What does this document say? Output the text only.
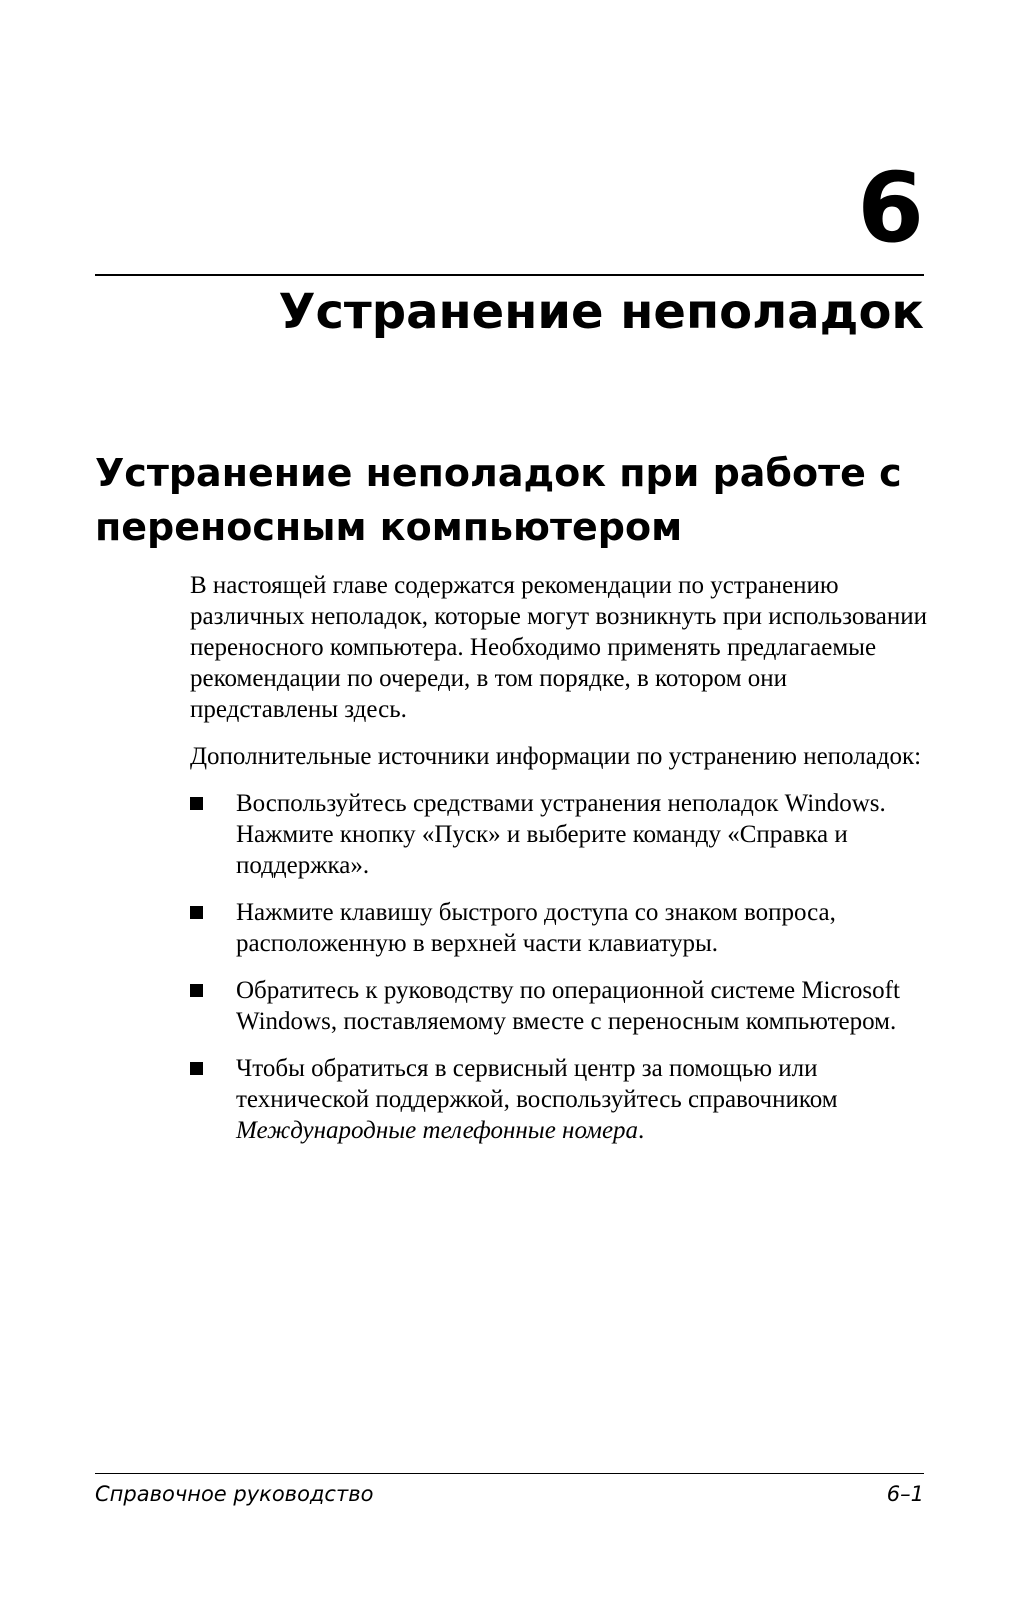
6
Устранение неполадок
Устранение неполадок при работе с переносным компьютером

В настоящей главе содержатся рекомендации по устранению различных неполадок, которые могут возникнуть при использовании переносного компьютера. Необходимо применять предлагаемые рекомендации по очереди, в том порядке, в котором они представлены здесь.

Дополнительные источники информации по устранению неполадок:

Воспользуйтесь средствами устранения неполадок Windows. Нажмите кнопку «Пуск» и выберите команду «Справка и поддержка».
Нажмите клавишу быстрого доступа со знаком вопроса, расположенную в верхней части клавиатуры.
Обратитесь к руководству по операционной системе Microsoft Windows, поставляемому вместе с переносным компьютером.
Чтобы обратиться в сервисный центр за помощью или технической поддержкой, воспользуйтесь справочником Международные телефонные номера.
Справочное руководство	6–1
